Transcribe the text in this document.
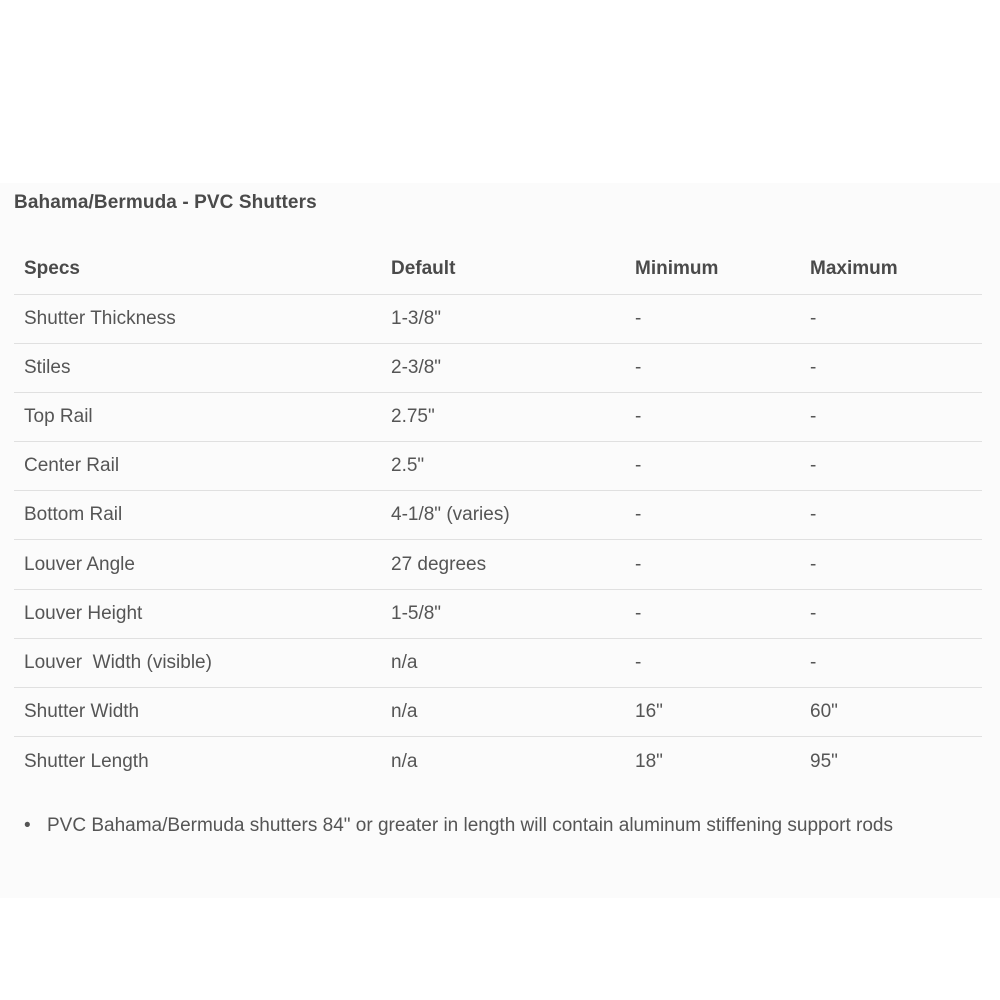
Bahama/Bermuda - PVC Shutters
Specs	Default	Minimum	Maximum
Shutter Thickness	1-3/8"	-	-
Stiles	2-3/8"	-	-
Top Rail	2.75"	-	-
Center Rail	2.5"	-	-
Bottom Rail	4-1/8" (varies)	-	-
Louver Angle	27 degrees	-	-
Louver Height	1-5/8"	-	-
Louver  Width (visible)	n/a	-	-
Shutter Width	n/a	16"	60"
Shutter Length	n/a	18"	95"
• PVC Bahama/Bermuda shutters 84" or greater in length will contain aluminum stiffening support rods
